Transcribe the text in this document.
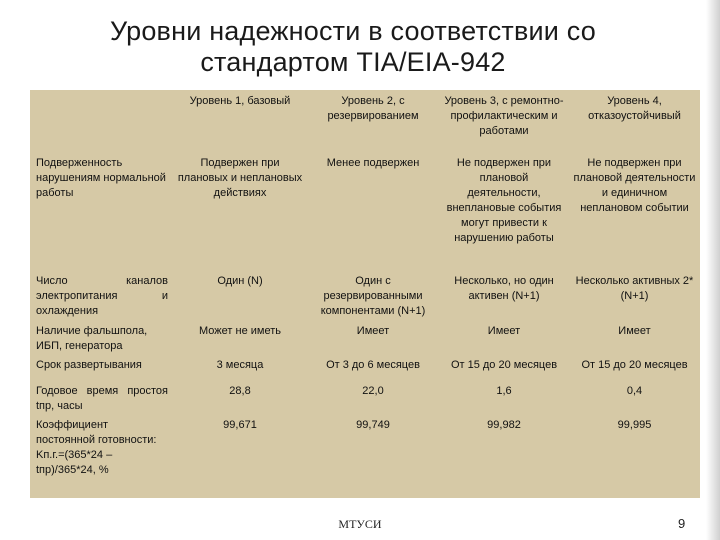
Уровни надежности в соответствии со
стандартом TIA/EIA-942
	Уровень 1, базовый	Уровень 2, с резервированием	Уровень 3, с ремонтно-профилактическим и работами	Уровень 4, отказоустойчивый
Подверженность нарушениям нормальной работы	Подвержен при плановых и неплановых действиях	Менее подвержен	Не подвержен при плановой деятельности, внеплановые события могут привести к нарушению работы	Не подвержен при плановой деятельности и единичном неплановом событии
Число каналов электропитания и охлаждения	Один (N)	Один с резервированными компонентами (N+1)	Несколько, но один активен (N+1)	Несколько активных 2*(N+1)
Наличие фальшпола, ИБП, генератора	Может не иметь	Имеет	Имеет	Имеет
Срок развертывания	3 месяца	От 3 до 6 месяцев	От 15 до 20 месяцев	От 15 до 20 месяцев
Годовое время простоя tпр, часы	28,8	22,0	1,6	0,4
Коэффициент постоянной готовности: Kп.г.=(365*24 – tпр)/365*24, %	99,671	99,749	99,982	99,995
МТУСИ	9
